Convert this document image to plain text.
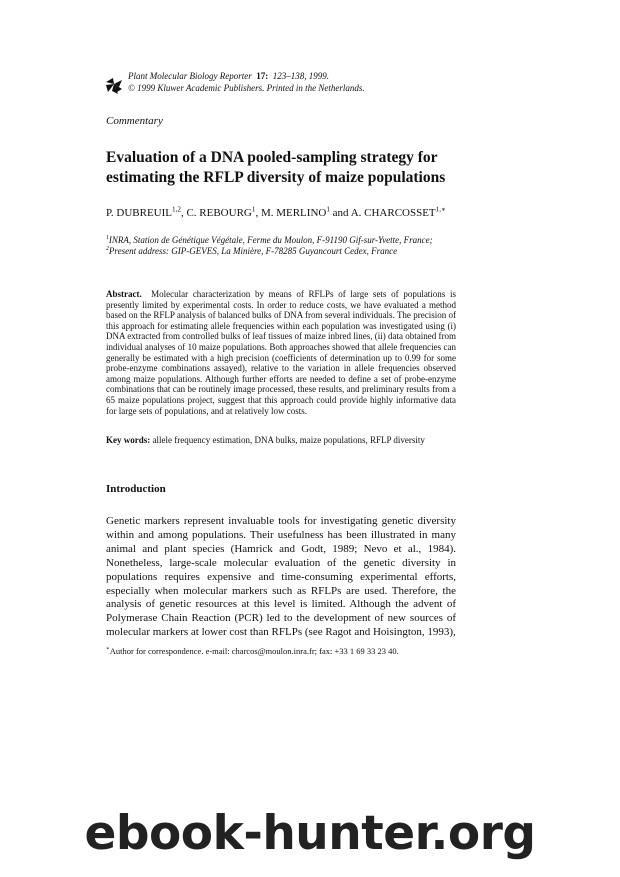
Plant Molecular Biology Reporter 17: 123–138, 1999.
© 1999 Kluwer Academic Publishers. Printed in the Netherlands.
Commentary
Evaluation of a DNA pooled-sampling strategy for estimating the RFLP diversity of maize populations
P. DUBREUIL$^{1,2}$, C. REBOURG$^1$, M. MERLINO$^1$ and A. $CHARCOSSET^{1,∗}$
$^1$INRA, Station de Génétique Végétale, Ferme du Moulon, F-91190 Gif-sur-Yvette, France;
$^2$Present address: GIP-GEVES, La Minière, F-78285 Guyancourt Cedex, France
Abstract. Molecular characterization by means of RFLPs of large sets of populations is presently limited by experimental costs. In order to reduce costs, we have evaluated a method based on the RFLP analysis of balanced bulks of DNA from several individuals. The precision of this approach for estimating allele frequencies within each population was investigated using (i) DNA extracted from controlled bulks of leaf tissues of maize inbred lines, (ii) data obtained from individual analyses of 10 maize populations. Both approaches showed that allele frequencies can generally be estimated with a high precision (coefficients of determination up to 0.99 for some probe-enzyme combinations assayed), relative to the variation in allele frequencies observed among maize populations. Although further efforts are needed to define a set of probe-enzyme combinations that can be routinely image processed, these results, and preliminary results from a 65 maize populations project, suggest that this approach could provide highly informative data for large sets of populations, and at relatively low costs.
Key words: allele frequency estimation, DNA bulks, maize populations, RFLP diversity
Introduction
Genetic markers represent invaluable tools for investigating genetic diversity within and among populations. Their usefulness has been illustrated in many animal and plant species (Hamrick and Godt, 1989; Nevo et al., 1984). Nonetheless, large-scale molecular evaluation of the genetic diversity in populations requires expensive and time-consuming experimental efforts, especially when molecular markers such as RFLPs are used. Therefore, the analysis of genetic resources at this level is limited. Although the advent of Polymerase Chain Reaction (PCR) led to the development of new sources of molecular markers at lower cost than RFLPs (see Ragot and Hoisington, 1993),
∗Author for correspondence. e-mail: charcos@moulon.inra.fr; fax: +33 1 69 33 23 40.
ebook-hunter.org
